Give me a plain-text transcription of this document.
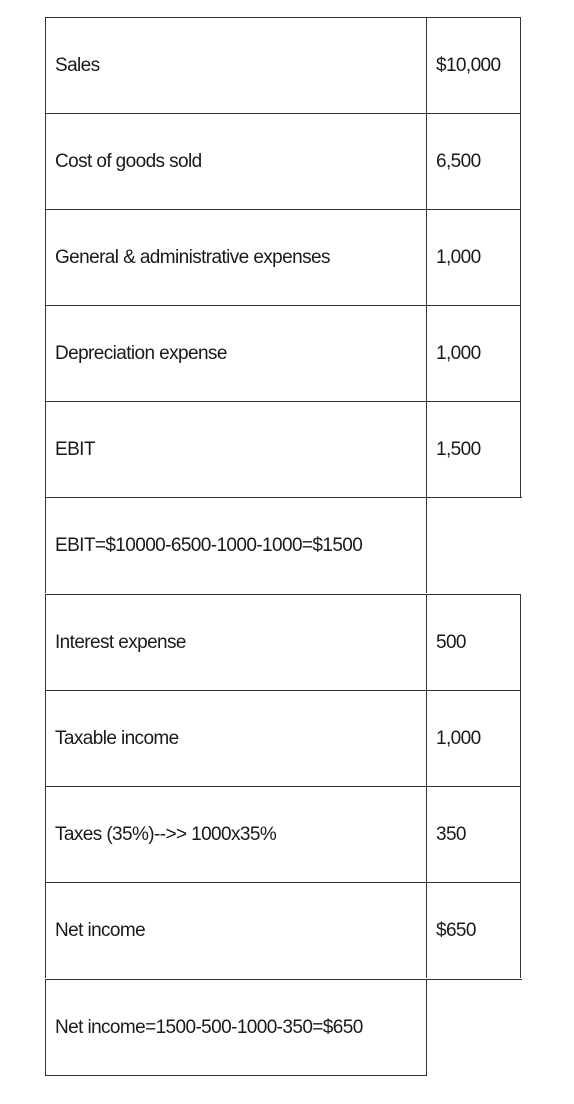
Sales	$10,000
Cost of goods sold	6,500
General & administrative expenses	1,000
Depreciation expense	1,000
EBIT	1,500
EBIT=$10000-6500-1000-1000=$1500
Interest expense	500
Taxable income	1,000
Taxes (35%)-->> 1000x35%	350
Net income	$650
Net income=1500-500-1000-350=$650
